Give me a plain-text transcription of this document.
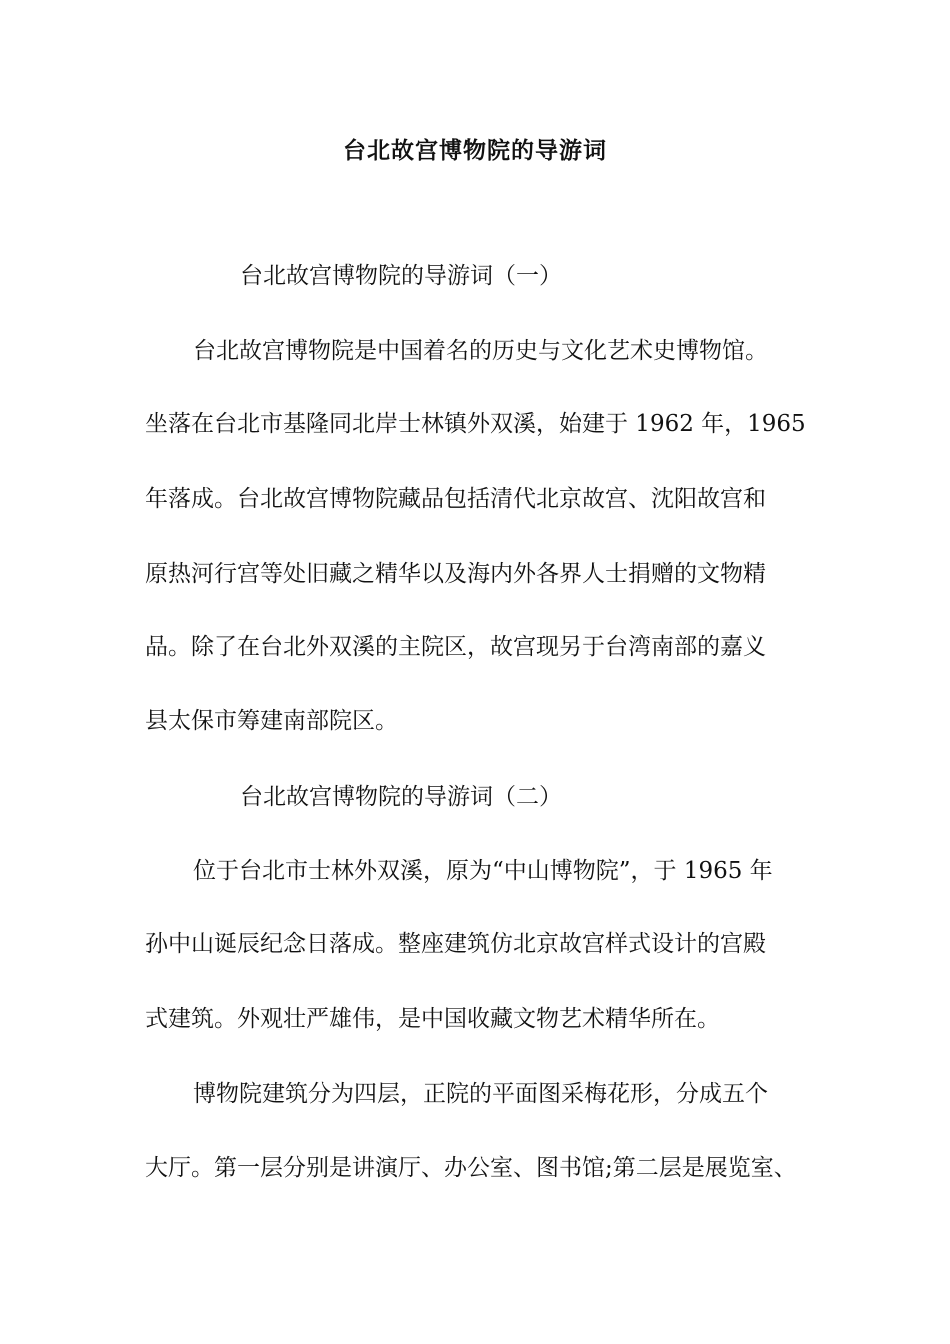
台北故宫博物院的导游词
台北故宫博物院的导游词（一）
台北故宫博物院是中国着名的历史与文化艺术史博物馆。
坐落在台北市基隆同北岸士林镇外双溪，始建于 1962 年，1965
年落成。台北故宫博物院藏品包括清代北京故宫、沈阳故宫和
原热河行宫等处旧藏之精华以及海内外各界人士捐赠的文物精
品。除了在台北外双溪的主院区，故宫现另于台湾南部的嘉义
县太保市筹建南部院区。
台北故宫博物院的导游词（二）
位于台北市士林外双溪，原为“中山博物院”，于 1965 年
孙中山诞辰纪念日落成。整座建筑仿北京故宫样式设计的宫殿
式建筑。外观壮严雄伟，是中国收藏文物艺术精华所在。
博物院建筑分为四层，正院的平面图采梅花形，分成五个
大厅。第一层分别是讲演厅、办公室、图书馆;第二层是展览室、
